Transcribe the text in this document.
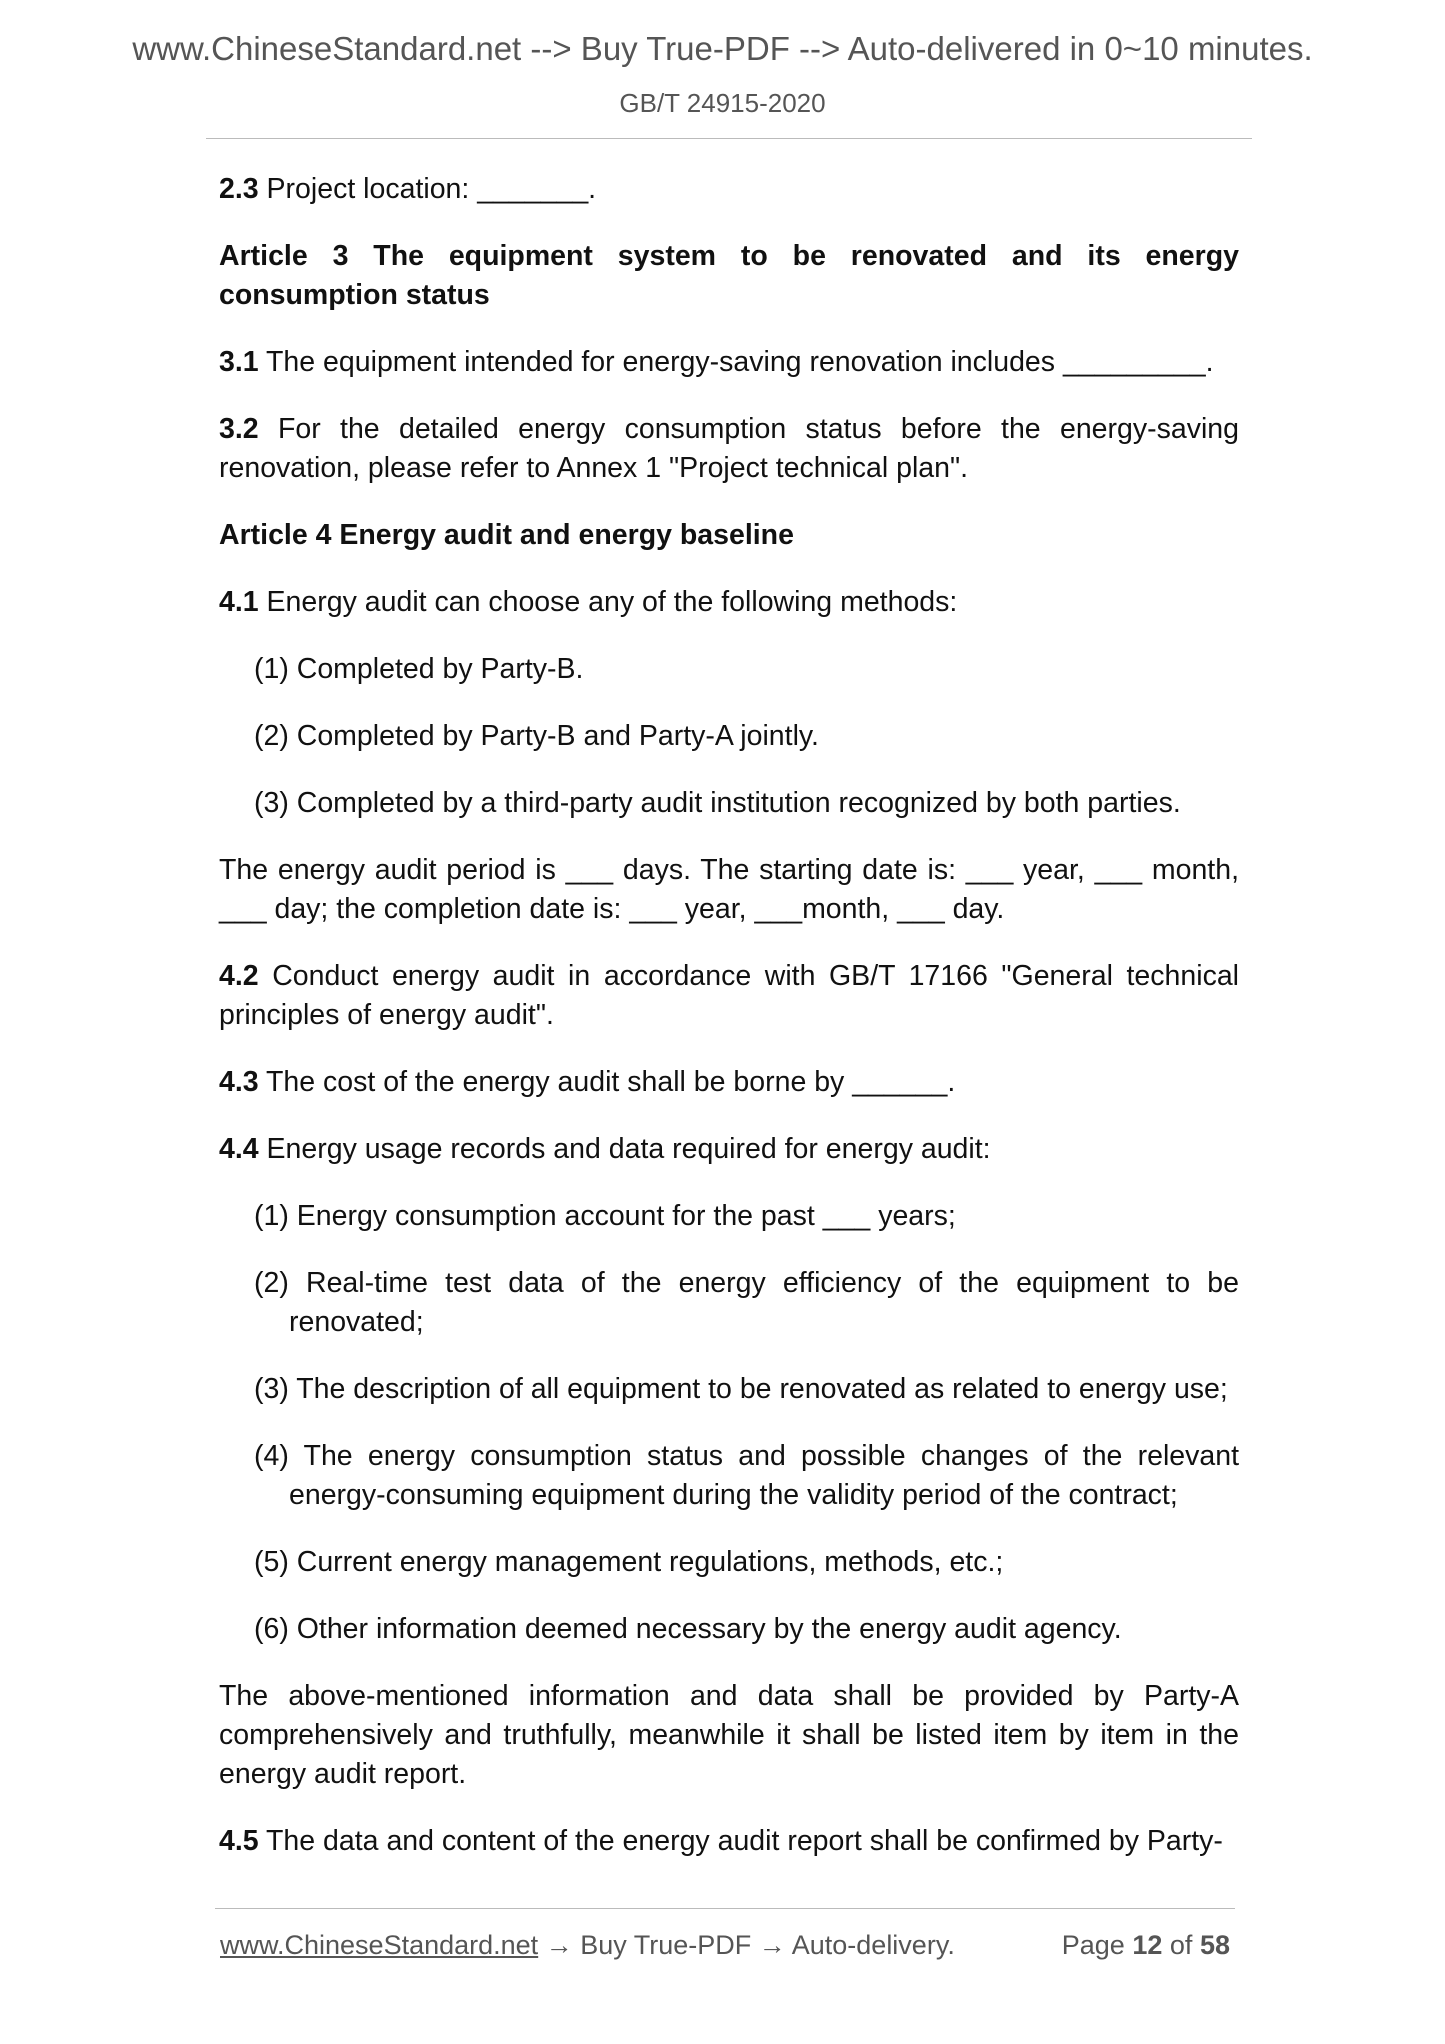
www.ChineseStandard.net --> Buy True-PDF --> Auto-delivered in 0~10 minutes.
GB/T 24915-2020

2.3 Project location: _______.

Article 3 The equipment system to be renovated and its energy consumption status

3.1 The equipment intended for energy-saving renovation includes _________.

3.2 For the detailed energy consumption status before the energy-saving renovation, please refer to Annex 1 "Project technical plan".

Article 4 Energy audit and energy baseline

4.1 Energy audit can choose any of the following methods:

(1) Completed by Party-B.

(2) Completed by Party-B and Party-A jointly.

(3) Completed by a third-party audit institution recognized by both parties.

The energy audit period is ___ days. The starting date is: ___ year, ___ month, ___ day; the completion date is: ___ year, ___month, ___ day.

4.2 Conduct energy audit in accordance with GB/T 17166 "General technical principles of energy audit".

4.3 The cost of the energy audit shall be borne by ______.

4.4 Energy usage records and data required for energy audit:

(1) Energy consumption account for the past ___ years;

(2) Real-time test data of the energy efficiency of the equipment to be renovated;

(3) The description of all equipment to be renovated as related to energy use;

(4) The energy consumption status and possible changes of the relevant energy-consuming equipment during the validity period of the contract;

(5) Current energy management regulations, methods, etc.;

(6) Other information deemed necessary by the energy audit agency.

The above-mentioned information and data shall be provided by Party-A comprehensively and truthfully, meanwhile it shall be listed item by item in the energy audit report.

4.5 The data and content of the energy audit report shall be confirmed by Party-

www.ChineseStandard.net → Buy True-PDF → Auto-delivery.	Page 12 of 58
